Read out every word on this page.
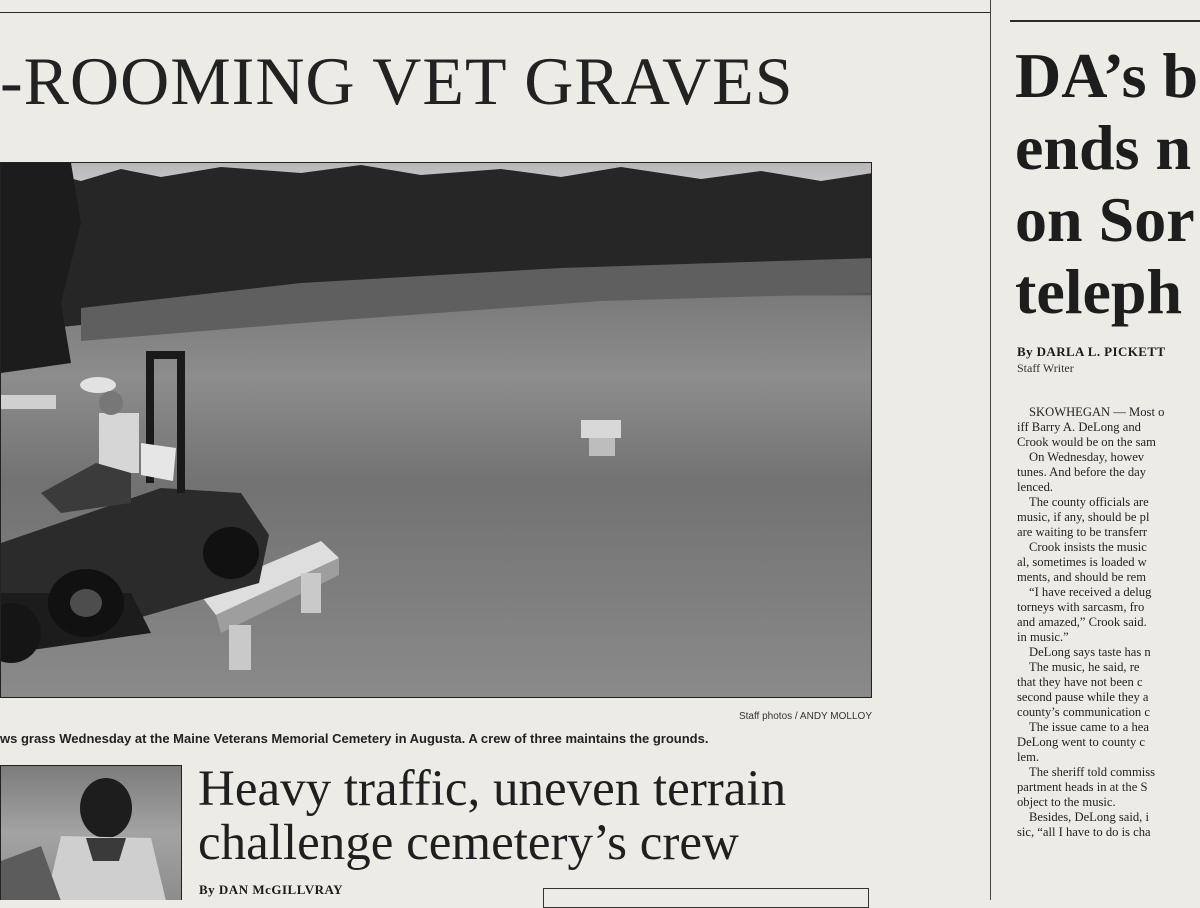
-ROOMING VET GRAVES

Staff photos / ANDY MOLLOY

ws grass Wednesday at the Maine Veterans Memorial Cemetery in Augusta. A crew of three maintains the grounds.

Heavy traffic, uneven terrain
challenge cemetery’s crew

By DAN McGILLVRAY

DA’s b
ends n
on Sor
teleph

By DARLA L. PICKETT

Staff Writer

SKOWHEGAN — Most o

iff Barry A. DeLong and

Crook would be on the sam

On Wednesday, howev

tunes. And before the day

lenced.

The county officials are

music, if any, should be pl

are waiting to be transferr

Crook insists the music

al, sometimes is loaded w

ments, and should be rem

“I have received a delug

torneys with sarcasm, fro

and amazed,” Crook said.

in music.”

DeLong says taste has n

The music, he said, re

that they have not been c

second pause while they a

county’s communication c

The issue came to a hea

DeLong went to county c

lem.

The sheriff told commiss

partment heads in at the S

object to the music.

Besides, DeLong said, i

sic, “all I have to do is cha
